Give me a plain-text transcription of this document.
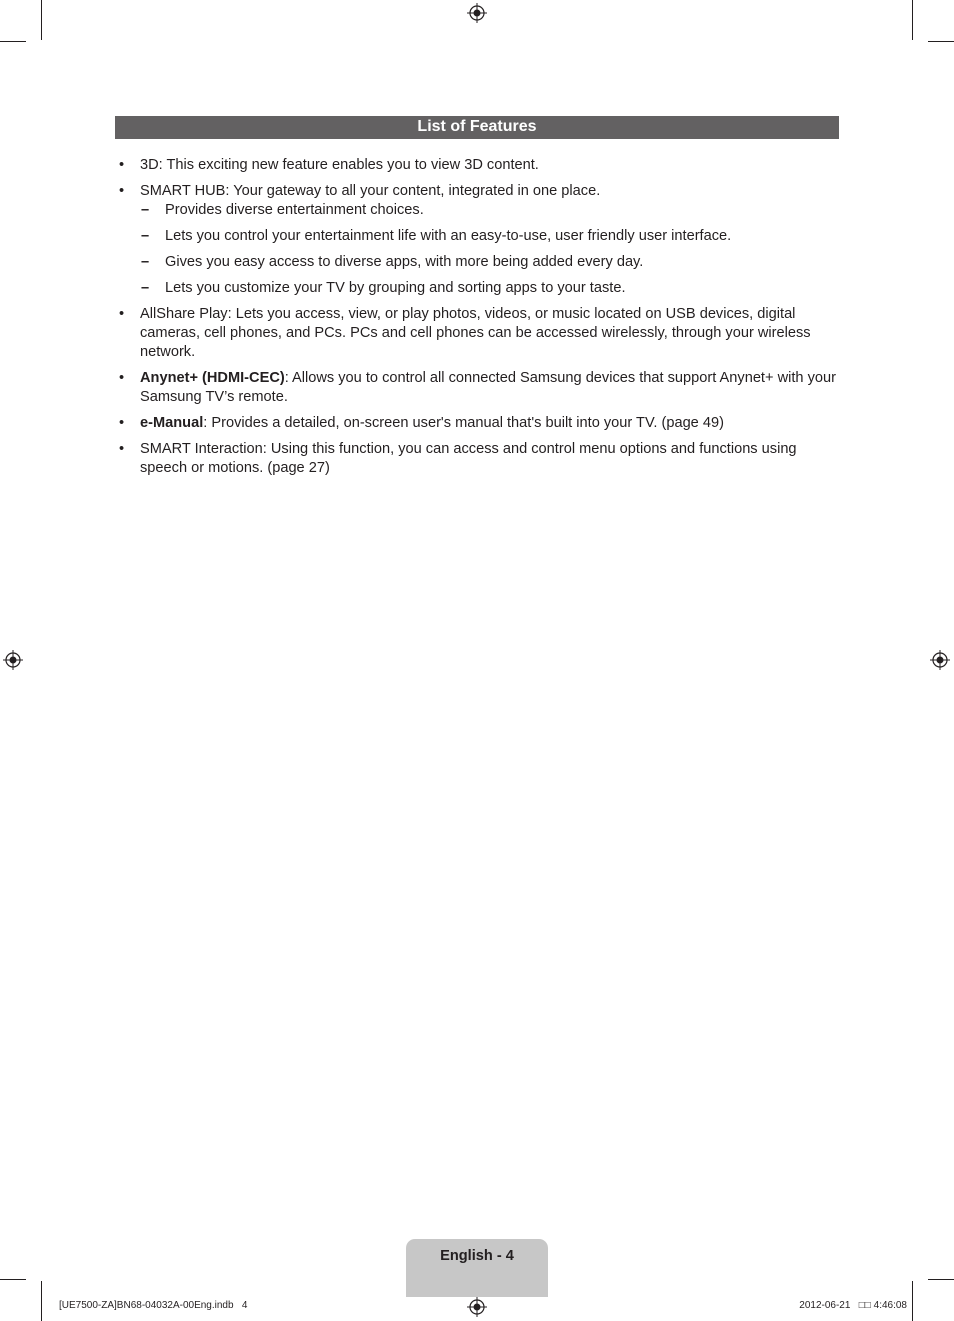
List of Features
• 3D: This exciting new feature enables you to view 3D content.
• SMART HUB: Your gateway to all your content, integrated in one place.
– Provides diverse entertainment choices.
– Lets you control your entertainment life with an easy-to-use, user friendly user interface.
– Gives you easy access to diverse apps, with more being added every day.
– Lets you customize your TV by grouping and sorting apps to your taste.
• AllShare Play: Lets you access, view, or play photos, videos, or music located on USB devices, digital cameras, cell phones, and PCs. PCs and cell phones can be accessed wirelessly, through your wireless network.
• Anynet+ (HDMI-CEC): Allows you to control all connected Samsung devices that support Anynet+ with your Samsung TV’s remote.
• e-Manual: Provides a detailed, on-screen user's manual that's built into your TV. (page 49)
• SMART Interaction: Using this function, you can access and control menu options and functions using speech or motions. (page 27)
English - 4
[UE7500-ZA]BN68-04032A-00Eng.indb   4	2012-06-21   □□ 4:46:08
